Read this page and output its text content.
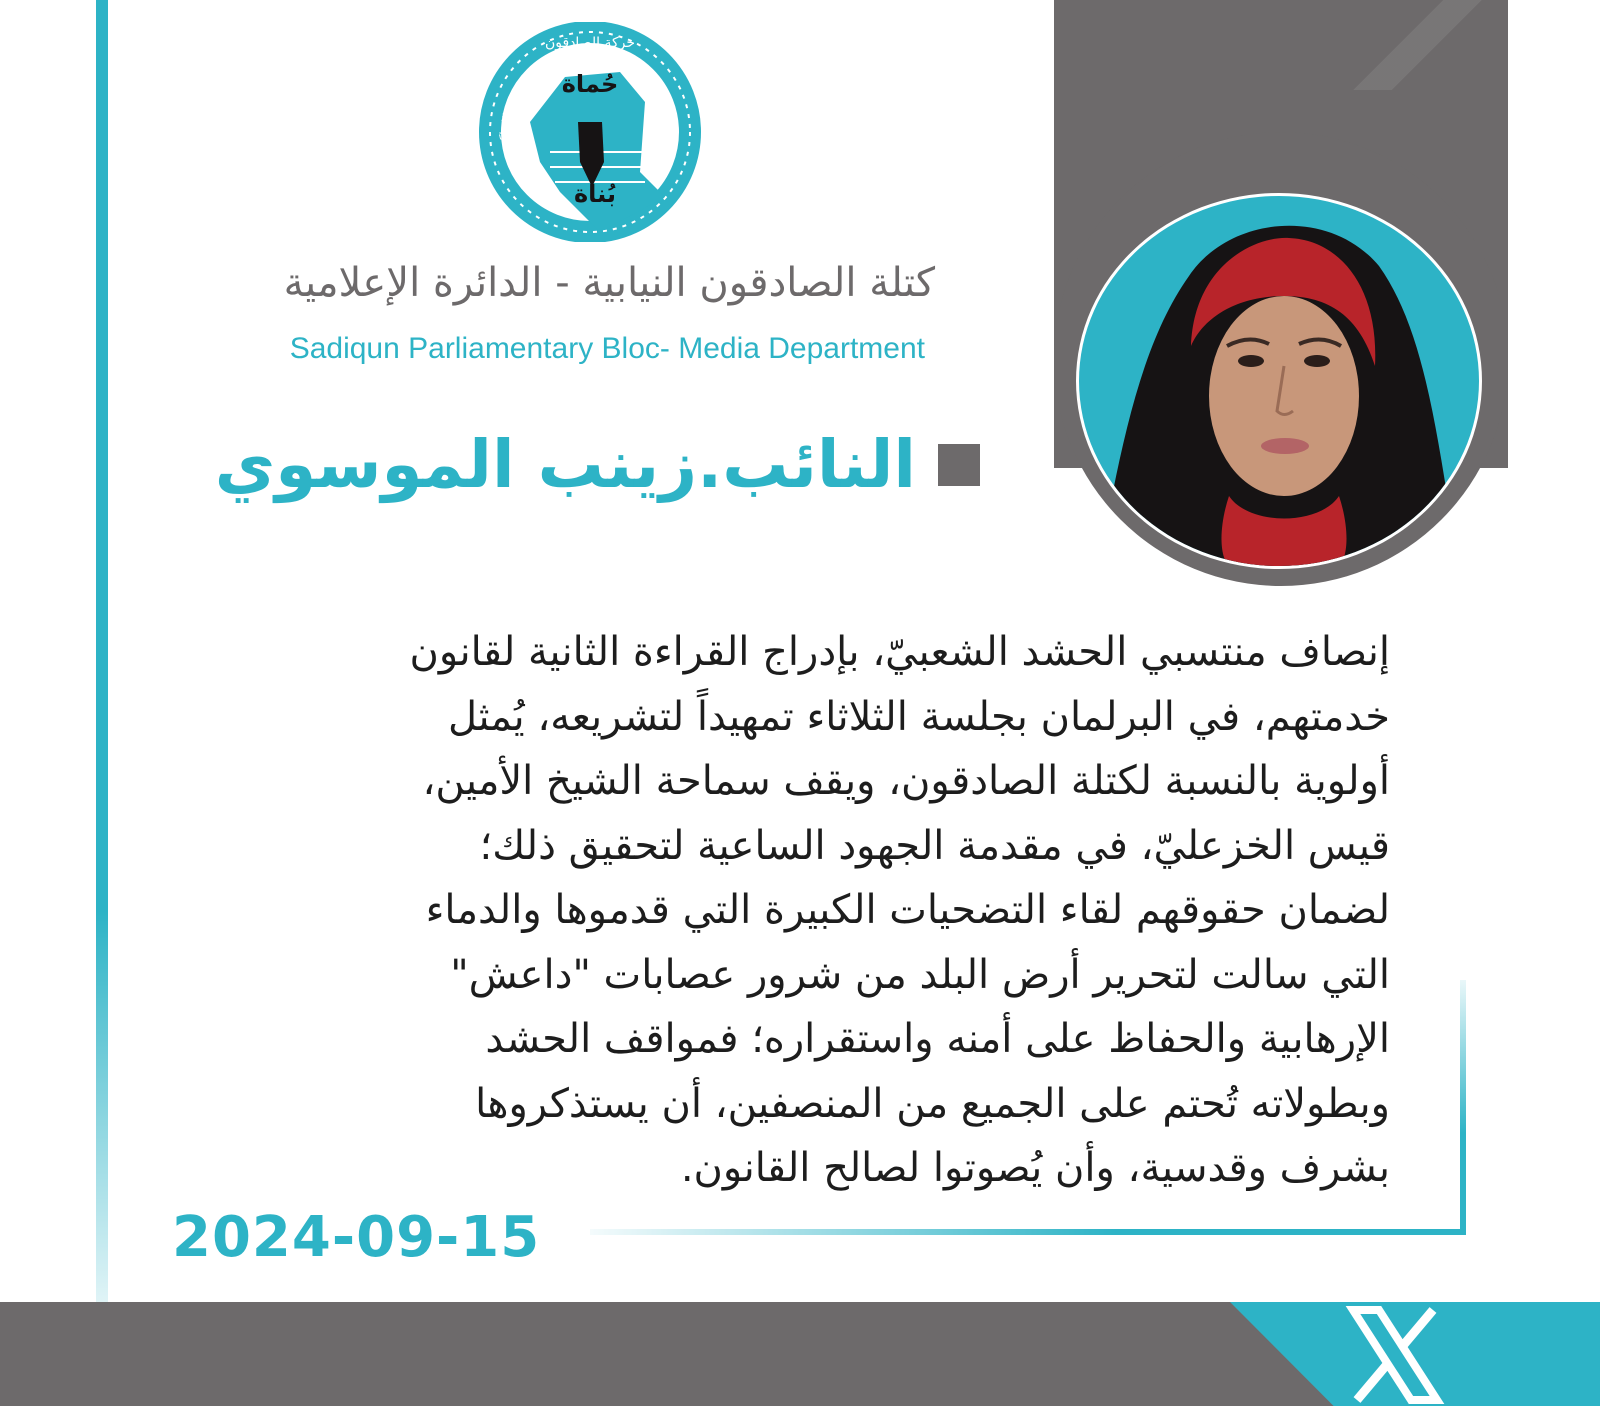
حُماة
بُناة
حركة الصادقون
الله اكبر
كتلة الصادقون النيابية - الدائرة الإعلامية
Sadiqun Parliamentary Bloc- Media Department
النائب.زينب الموسوي
إنصاف منتسبي الحشد الشعبيّ، بإدراج القراءة الثانية لقانون
خدمتهم، في البرلمان بجلسة الثلاثاء تمهيداً لتشريعه، يُمثل
أولوية بالنسبة لكتلة الصادقون، ويقف سماحة الشيخ الأمين،
قيس الخزعليّ، في مقدمة الجهود الساعية لتحقيق ذلك؛
لضمان حقوقهم لقاء التضحيات الكبيرة التي قدموها والدماء
التي سالت لتحرير أرض البلد من شرور عصابات "داعش"
الإرهابية والحفاظ على أمنه واستقراره؛ فمواقف الحشد
وبطولاته تُحتم على الجميع من المنصفين، أن يستذكروها
بشرف وقدسية، وأن يُصوتوا لصالح القانون.
2024-09-15
